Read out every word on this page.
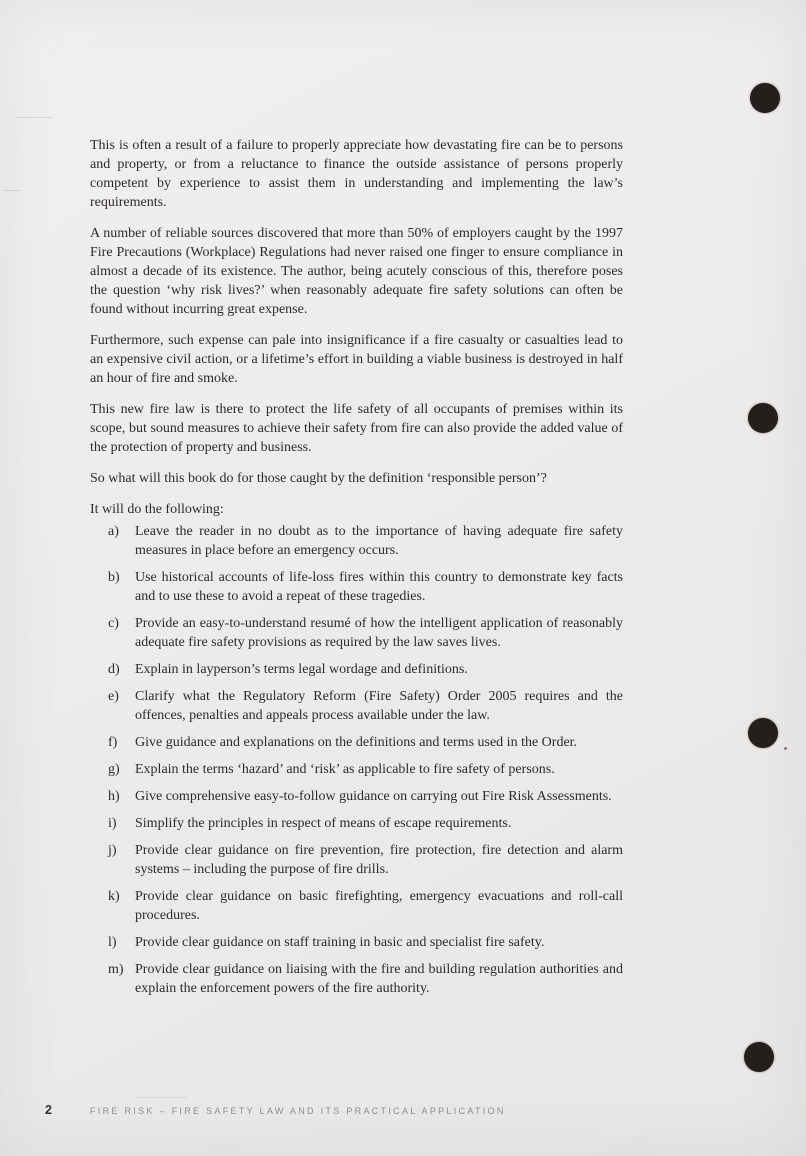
This is often a result of a failure to properly appreciate how devastating fire can be to persons and property, or from a reluctance to finance the outside assistance of persons properly competent by experience to assist them in understanding and implementing the law’s requirements.

A number of reliable sources discovered that more than 50% of employers caught by the 1997 Fire Precautions (Workplace) Regulations had never raised one finger to ensure compliance in almost a decade of its existence. The author, being acutely conscious of this, therefore poses the question ‘why risk lives?’ when reasonably adequate fire safety solutions can often be found without incurring great expense.

Furthermore, such expense can pale into insignificance if a fire casualty or casualties lead to an expensive civil action, or a lifetime’s effort in building a viable business is destroyed in half an hour of fire and smoke.

This new fire law is there to protect the life safety of all occupants of premises within its scope, but sound measures to achieve their safety from fire can also provide the added value of the protection of property and business.

So what will this book do for those caught by the definition ‘responsible person’?

It will do the following:

a)	Leave the reader in no doubt as to the importance of having adequate fire safety measures in place before an emergency occurs.
b)	Use historical accounts of life-loss fires within this country to demonstrate key facts and to use these to avoid a repeat of these tragedies.
c)	Provide an easy-to-understand resumé of how the intelligent application of reasonably adequate fire safety provisions as required by the law saves lives.
d)	Explain in layperson’s terms legal wordage and definitions.
e)	Clarify what the Regulatory Reform (Fire Safety) Order 2005 requires and the offences, penalties and appeals process available under the law.
f)	Give guidance and explanations on the definitions and terms used in the Order.
g)	Explain the terms ‘hazard’ and ‘risk’ as applicable to fire safety of persons.
h)	Give comprehensive easy-to-follow guidance on carrying out Fire Risk Assessments.
i)	Simplify the principles in respect of means of escape requirements.
j)	Provide clear guidance on fire prevention, fire protection, fire detection and alarm systems – including the purpose of fire drills.
k)	Provide clear guidance on basic firefighting, emergency evacuations and roll-call procedures.
l)	Provide clear guidance on staff training in basic and specialist fire safety.
m) Provide clear guidance on liaising with the fire and building regulation authorities and explain the enforcement powers of the fire authority.
2	FIRE RISK – FIRE SAFETY LAW AND ITS PRACTICAL APPLICATION
